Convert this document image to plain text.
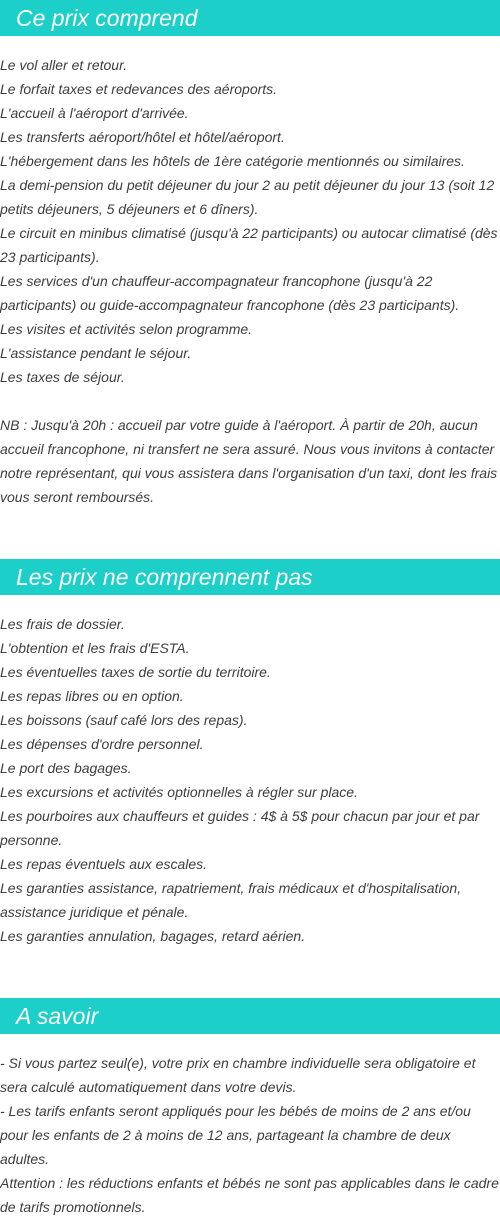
Ce prix comprend

Le vol aller et retour.

Le forfait taxes et redevances des aéroports.

L'accueil à l'aéroport d'arrivée.

Les transferts aéroport/hôtel et hôtel/aéroport.

L'hébergement dans les hôtels de 1ère catégorie mentionnés ou similaires.

La demi-pension du petit déjeuner du jour 2 au petit déjeuner du jour 13 (soit 12 petits déjeuners, 5 déjeuners et 6 dîners).

Le circuit en minibus climatisé (jusqu'à 22 participants) ou autocar climatisé (dès 23 participants).

Les services d'un chauffeur-accompagnateur francophone (jusqu'à 22 participants) ou guide-accompagnateur francophone (dès 23 participants).

Les visites et activités selon programme.

L'assistance pendant le séjour.

Les taxes de séjour.

NB : Jusqu'à 20h : accueil par votre guide à l'aéroport. À partir de 20h, aucun accueil francophone, ni transfert ne sera assuré. Nous vous invitons à contacter notre représentant, qui vous assistera dans l'organisation d'un taxi, dont les frais vous seront remboursés.

Les prix ne comprennent pas

Les frais de dossier.

L'obtention et les frais d'ESTA.

Les éventuelles taxes de sortie du territoire.

Les repas libres ou en option.

Les boissons (sauf café lors des repas).

Les dépenses d'ordre personnel.

Le port des bagages.

Les excursions et activités optionnelles à régler sur place.

Les pourboires aux chauffeurs et guides : 4$ à 5$ pour chacun par jour et par personne.

Les repas éventuels aux escales.

Les garanties assistance, rapatriement, frais médicaux et d'hospitalisation, assistance juridique et pénale.

Les garanties annulation, bagages, retard aérien.

A savoir

- Si vous partez seul(e), votre prix en chambre individuelle sera obligatoire et sera calculé automatiquement dans votre devis.

- Les tarifs enfants seront appliqués pour les bébés de moins de 2 ans et/ou pour les enfants de 2 à moins de 12 ans, partageant la chambre de deux adultes.

Attention : les réductions enfants et bébés ne sont pas applicables dans le cadre de tarifs promotionnels.
